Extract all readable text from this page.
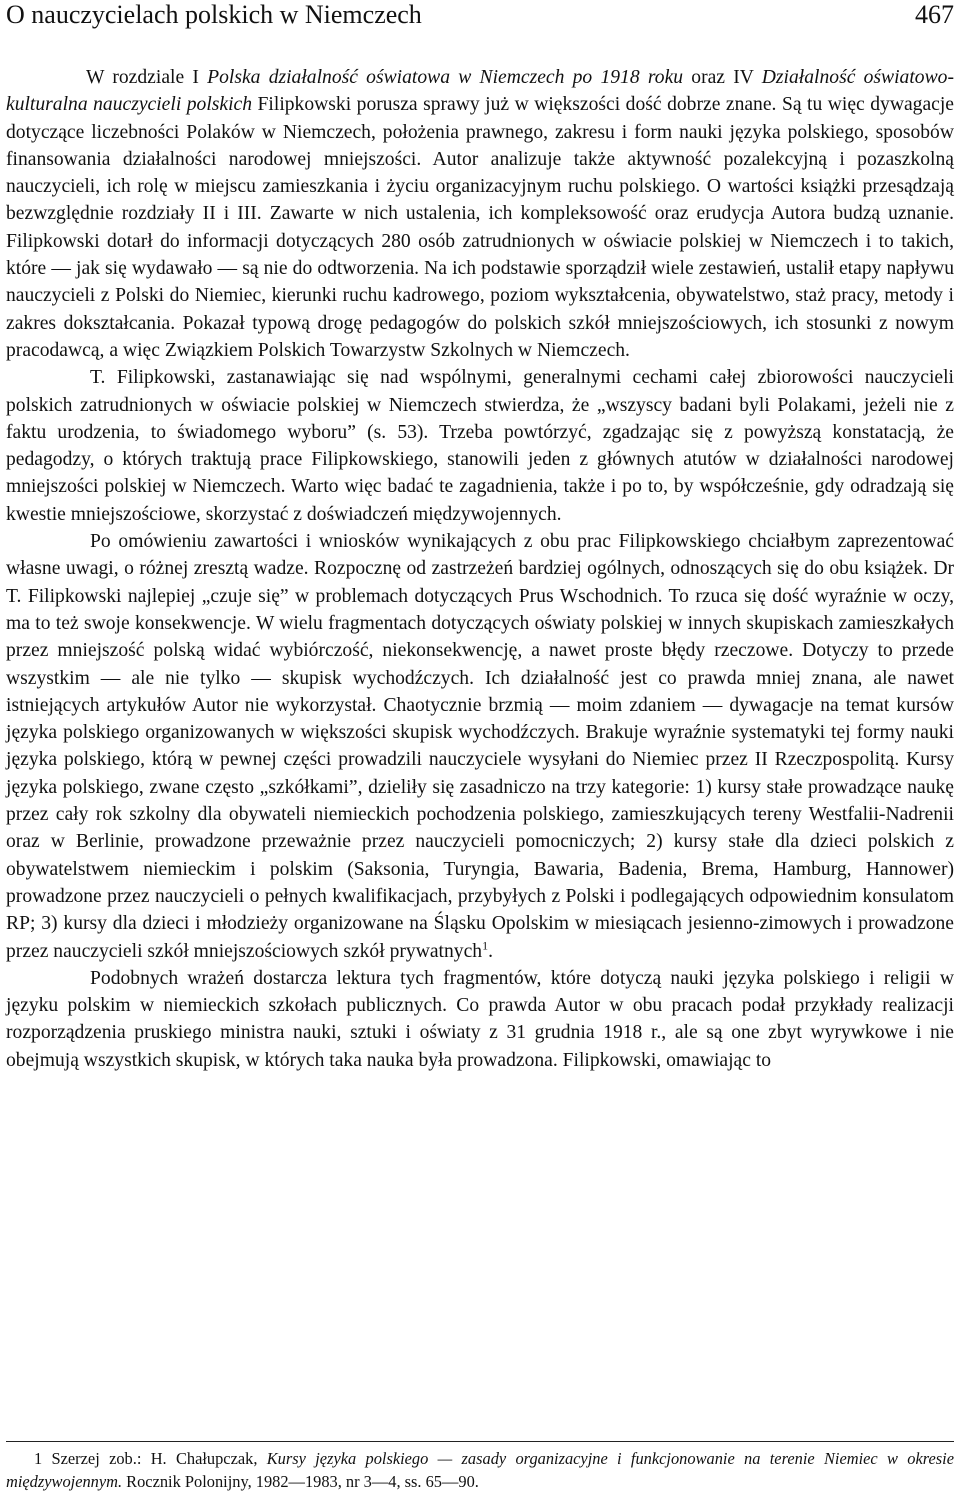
O nauczycielach polskich w Niemczech	467

W rozdziale I Polska działalność oświatowa w Niemczech po 1918 roku oraz IV Działalność oświatowo-kulturalna nauczycieli polskich Filipkowski porusza sprawy już w większości dość dobrze znane. Są tu więc dywagacje dotyczące liczebności Polaków w Niemczech, położenia prawnego, zakresu i form nauki języka polskiego, sposobów finansowania działalności narodowej mniejszości. Autor analizuje także aktywność pozalekcyjną i pozaszkolną nauczycieli, ich rolę w miejscu zamieszkania i życiu organizacyjnym ruchu polskiego. O wartości książki przesądzają bezwzględnie rozdziały II i III. Zawarte w nich ustalenia, ich kompleksowość oraz erudycja Autora budzą uznanie. Filipkowski dotarł do informacji dotyczących 280 osób zatrudnionych w oświacie polskiej w Niemczech i to takich, które — jak się wydawało — są nie do odtworzenia. Na ich podstawie sporządził wiele zestawień, ustalił etapy napływu nauczycieli z Polski do Niemiec, kierunki ruchu kadrowego, poziom wykształcenia, obywatelstwo, staż pracy, metody i zakres dokształcania. Pokazał typową drogę pedagogów do polskich szkół mniejszościowych, ich stosunki z nowym pracodawcą, a więc Związkiem Polskich Towarzystw Szkolnych w Niemczech.

T. Filipkowski, zastanawiając się nad wspólnymi, generalnymi cechami całej zbiorowości nauczycieli polskich zatrudnionych w oświacie polskiej w Niemczech stwierdza, że „wszyscy badani byli Polakami, jeżeli nie z faktu urodzenia, to świadomego wyboru” (s. 53). Trzeba powtórzyć, zgadzając się z powyższą konstatacją, że pedagodzy, o których traktują prace Filipkowskiego, stanowili jeden z głównych atutów w działalności narodowej mniejszości polskiej w Niemczech. Warto więc badać te zagadnienia, także i po to, by współcześnie, gdy odradzają się kwestie mniejszościowe, skorzystać z doświadczeń międzywojennych.

Po omówieniu zawartości i wniosków wynikających z obu prac Filipkowskiego chciałbym zaprezentować własne uwagi, o różnej zresztą wadze. Rozpocznę od zastrzeżeń bardziej ogólnych, odnoszących się do obu książek. Dr T. Filipkowski najlepiej „czuje się” w problemach dotyczących Prus Wschodnich. To rzuca się dość wyraźnie w oczy, ma to też swoje konsekwencje. W wielu fragmentach dotyczących oświaty polskiej w innych skupiskach zamieszkałych przez mniejszość polską widać wybiórczość, niekonsekwencję, a nawet proste błędy rzeczowe. Dotyczy to przede wszystkim — ale nie tylko — skupisk wychodźczych. Ich działalność jest co prawda mniej znana, ale nawet istniejących artykułów Autor nie wykorzystał. Chaotycznie brzmią — moim zdaniem — dywagacje na temat kursów języka polskiego organizowanych w większości skupisk wychodźczych. Brakuje wyraźnie systematyki tej formy nauki języka polskiego, którą w pewnej części prowadzili nauczyciele wysyłani do Niemiec przez II Rzeczpospolitą. Kursy języka polskiego, zwane często „szkółkami”, dzieliły się zasadniczo na trzy kategorie: 1) kursy stałe prowadzące naukę przez cały rok szkolny dla obywateli niemieckich pochodzenia polskiego, zamieszkujących tereny Westfalii-Nadrenii oraz w Berlinie, prowadzone przeważnie przez nauczycieli pomocniczych; 2) kursy stałe dla dzieci polskich z obywatelstwem niemieckim i polskim (Saksonia, Turyngia, Bawaria, Badenia, Brema, Hamburg, Hannower) prowadzone przez nauczycieli o pełnych kwalifikacjach, przybyłych z Polski i podlegających odpowiednim konsulatom RP; 3) kursy dla dzieci i młodzieży organizowane na Śląsku Opolskim w miesiącach jesienno-zimowych i prowadzone przez nauczycieli szkół mniejszościowych szkół prywatnych$^1$.

Podobnych wrażeń dostarcza lektura tych fragmentów, które dotyczą nauki języka polskiego i religii w języku polskim w niemieckich szkołach publicznych. Co prawda Autor w obu pracach podał przykłady realizacji rozporządzenia pruskiego ministra nauki, sztuki i oświaty z 31 grudnia 1918 r., ale są one zbyt wyrywkowe i nie obejmują wszystkich skupisk, w których taka nauka była prowadzona. Filipkowski, omawiając to

1 Szerzej zob.: H. Chałupczak, Kursy języka polskiego — zasady organizacyjne i funkcjonowanie na terenie Niemiec w okresie międzywojennym. Rocznik Polonijny, 1982—1983, nr 3—4, ss. 65—90.
